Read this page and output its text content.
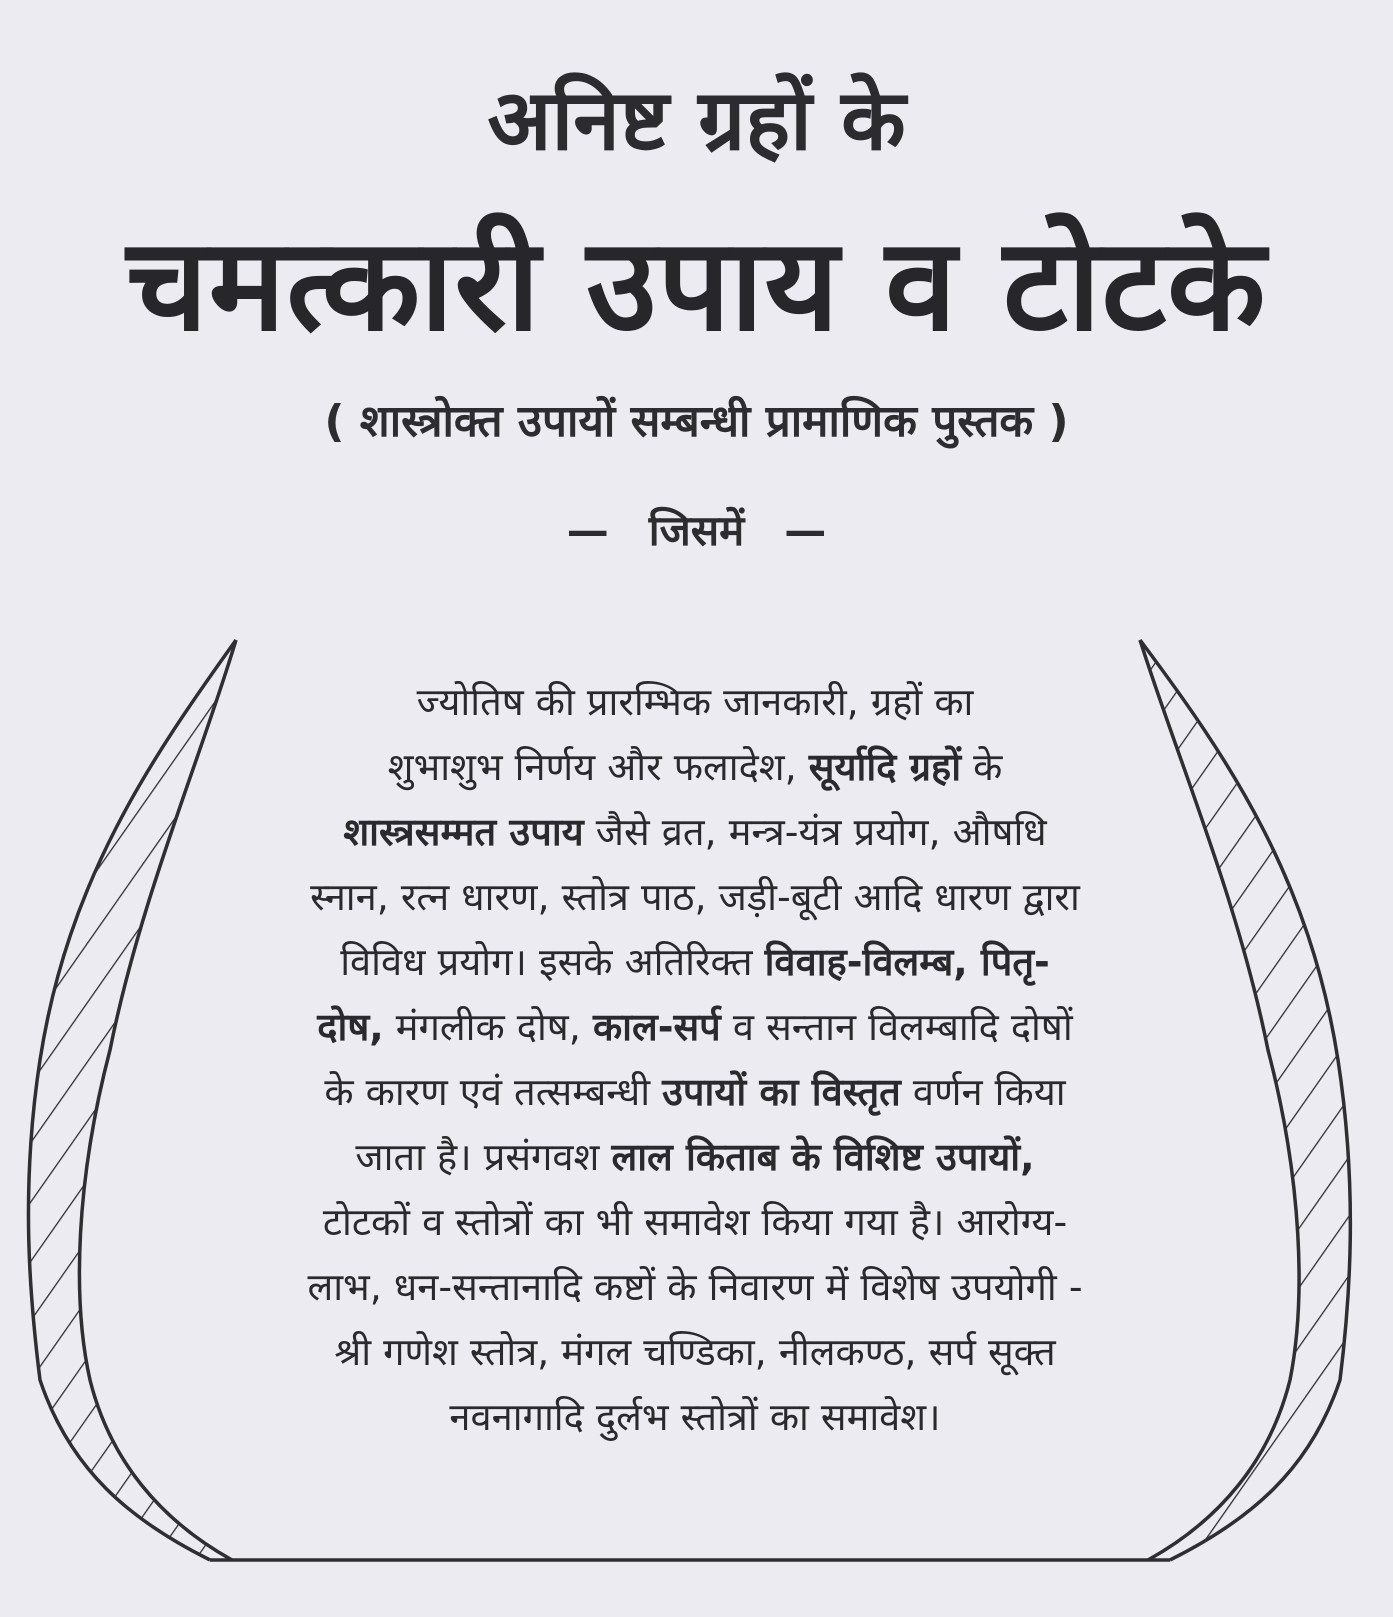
अनिष्ट ग्रहों के
चमत्कारी उपाय व टोटके
( शास्त्रोक्त उपायों सम्बन्धी प्रामाणिक पुस्तक )
— जिसमें —
ज्योतिष की प्रारम्भिक जानकारी, ग्रहों का
शुभाशुभ निर्णय और फलादेश, सूर्यादि ग्रहों के
शास्त्रसम्मत उपाय जैसे व्रत, मन्त्र-यंत्र प्रयोग, औषधि
स्नान, रत्न धारण, स्तोत्र पाठ, जड़ी-बूटी आदि धारण द्वारा
विविध प्रयोग। इसके अतिरिक्त विवाह-विलम्ब, पितृ-
दोष, मंगलीक दोष, काल-सर्प व सन्तान विलम्बादि दोषों
के कारण एवं तत्सम्बन्धी उपायों का विस्तृत वर्णन किया
जाता है। प्रसंगवश लाल किताब के विशिष्ट उपायों,
टोटकों व स्तोत्रों का भी समावेश किया गया है। आरोग्य-
लाभ, धन-सन्तानादि कष्टों के निवारण में विशेष उपयोगी -
श्री गणेश स्तोत्र, मंगल चण्डिका, नीलकण्ठ, सर्प सूक्त
नवनागादि दुर्लभ स्तोत्रों का समावेश।
